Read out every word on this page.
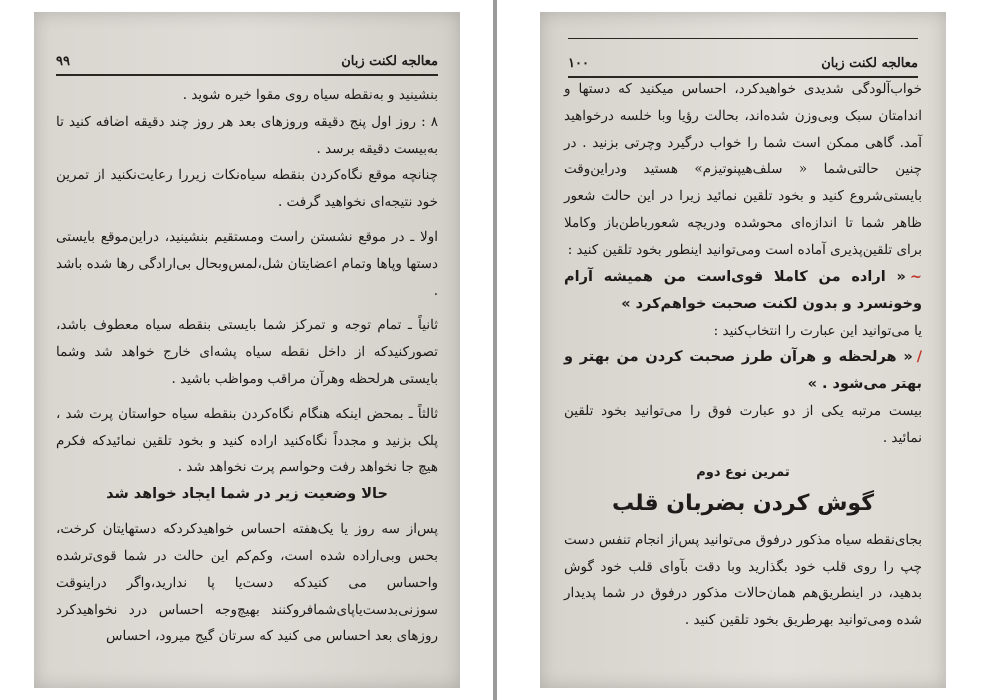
۹۹	معالجه لکنت زبان

بنشینید و به‌نقطه سیاه روی مقوا خیره شوید .

۸ : روز اول پنج دقیقه وروزهای بعد هر روز چند دقیقه اضافه کنید تا به‌بیست دقیقه برسد .

چنانچه موقع نگاه‌کردن بنقطه سیاه‌نکات زیررا رعایت‌نکنید از تمرین خود نتیجه‌ای نخواهید گرفت .

اولا ـ در موقع نشستن راست ومستقیم بنشینید، دراین‌موقع بایستی دستها وپاها وتمام اعضایتان شل،لمس‌وبحال بی‌ارادگی رها شده باشد .

ثانیاً ـ تمام توجه و تمرکز شما بایستی بنقطه سیاه معطوف باشد، تصورکنیدکه از داخل نقطه سیاه پشه‌ای خارج خواهد شد وشما بایستی هرلحظه وهرآن مراقب ومواظب باشید .

ثالثاً ـ بمحض اینکه هنگام نگاه‌کردن بنقطه سیاه حواستان پرت شد ، پلک بزنید و مجدداً نگاه‌کنید اراده کنید و بخود تلقین نمائیدکه فکرم هیچ جا نخواهد رفت وحواسم پرت نخواهد شد .

حالا وضعیت زیر در شما ایجاد خواهد شد

پس‌از سه روز یا یک‌هفته احساس خواهیدکردکه دستهایتان کرخت، بحس وبی‌اراده شده است، وکم‌کم این حالت در شما قوی‌ترشده واحساس می کنیدکه دست‌یا پا ندارید،واگر دراینوقت سوزنی‌بدست‌یاپای‌شمافروکنند بهیچ‌وجه احساس درد نخواهیدکرد روزهای بعد احساس می کنید که سرتان گیج میرود، احساس

۱۰۰	معالجه لکنت زبان

خواب‌آلودگی شدیدی خواهیدکرد، احساس میکنید که دستها و اندامتان سبک وبی‌وزن شده‌اند، بحالت رؤیا وبا خلسه درخواهید آمد. گاهی ممکن است شما را خواب درگیرد وچرتی بزنید . در چنین حالتی‌شما « سلف‌هیپنوتیزم» هستید ودراین‌وقت بایستی‌شروع کنید و بخود تلقین نمائید زیرا در این حالت شعور ظاهر شما تا اندازه‌ای محوشده ودریچه شعورباطن‌باز وکاملا برای تلقین‌پذیری آماده است ومی‌توانید اینطور بخود تلقین کنید :

~« اراده من کاملا قوی‌است من همیشه آرام وخونسرد و بدون لکنت صحبت خواهم‌کرد »

یا می‌توانید این عبارت را انتخاب‌کنید :

/« هرلحظه و هرآن طرز صحبت کردن من بهتر و بهتر می‌شود . »

بیست مرتبه یکی از دو عبارت فوق را می‌توانید بخود تلقین نمائید .

تمرین نوع دوم

گوش کردن بضربان قلب

بجای‌نقطه سیاه مذکور درفوق می‌توانید پس‌از انجام تنفس دست چپ را روی قلب خود بگذارید وبا دقت بآوای قلب خود گوش بدهید، در اینطریق‌هم همان‌حالات مذکور درفوق در شما پدیدار شده ومی‌توانید بهرطریق بخود تلقین کنید .
